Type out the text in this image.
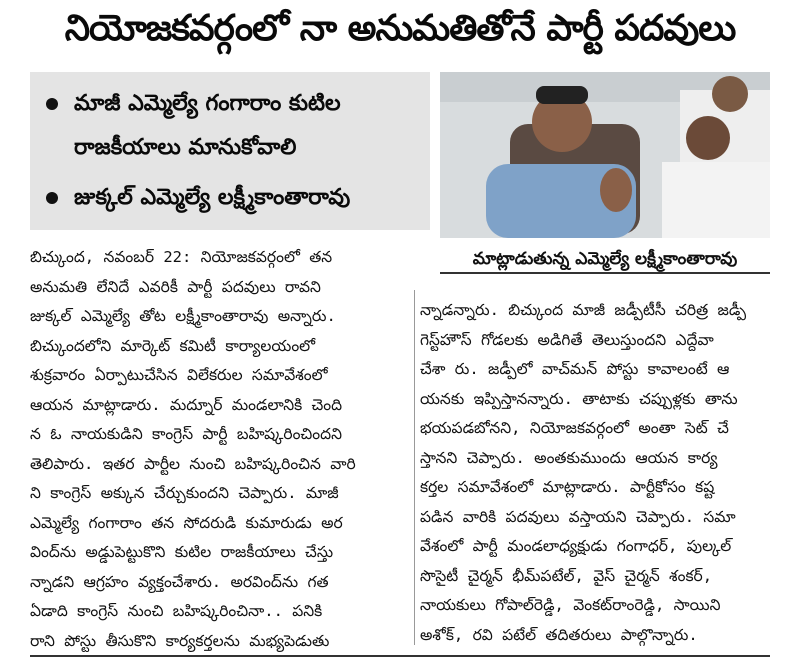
నియోజకవర్గంలో నా అనుమతితోనే పార్టీ పదవులు
మాజీ ఎమ్మెల్యే గంగారాం కుటిల రాజకీయాలు మానుకోవాలి
జుక్కల్ ఎమ్మెల్యే లక్ష్మీకాంతారావు
మాట్లాడుతున్న ఎమ్మెల్యే లక్ష్మీకాంతారావు

బిచ్కుంద, నవంబర్ 22: నియోజకవర్గంలో తన

అనుమతి లేనిదే ఎవరికీ పార్టీ పదవులు రావని

జుక్కల్ ఎమ్మెల్యే తోట లక్ష్మీకాంతారావు అన్నారు.

బిచ్కుందలోని మార్కెట్ కమిటీ కార్యాలయంలో

శుక్రవారం ఏర్పాటుచేసిన విలేకరుల సమావేశంలో

ఆయన మాట్లాడారు. మద్నూర్ మండలానికి చెంది

న ఓ నాయకుడిని కాంగ్రెస్ పార్టీ బహిష్కరించిందని

తెలిపారు. ఇతర పార్టీల నుంచి బహిష్కరించిన వారి

ని కాంగ్రెస్ అక్కున చేర్చుకుందని చెప్పారు. మాజీ

ఎమ్మెల్యే గంగారాం తన సోదరుడి కుమారుడు అర

వింద్‌ను అడ్డుపెట్టుకొని కుటిల రాజకీయాలు చేస్తు

న్నాడని ఆగ్రహం వ్యక్తంచేశారు. అరవింద్‌ను గత

ఏడాది కాంగ్రెస్ నుంచి బహిష్కరించినా.. పనికి

రాని పోస్టు తీసుకొని కార్యకర్తలను మభ్యపెడుతు

న్నాడన్నారు. బిచ్కుంద మాజీ జడ్పీటీసీ చరిత్ర జడ్పీ

గెస్ట్‌హౌస్ గోడలకు అడిగితే తెలుస్తుందని ఎద్దేవా

చేశా రు. జడ్పీలో వాచ్‌మన్ పోస్టు కావాలంటే ఆ

యనకు ఇప్పిస్తానన్నారు. తాటాకు చప్పుళ్లకు తాను

భయపడబోనని, నియోజకవర్గంలో అంతా సెట్ చే

స్తానని చెప్పారు. అంతకుముందు ఆయన కార్య

కర్తల సమావేశంలో మాట్లాడారు. పార్టీకోసం కష్ట

పడిన వారికి పదవులు వస్తాయని చెప్పారు. సమా

వేశంలో పార్టీ మండలాధ్యక్షుడు గంగాధర్, పుల్కల్

సొసైటీ చైర్మన్ భీమ్‌పటేల్, వైస్ చైర్మన్ శంకర్,

నాయకులు గోపాల్‌రెడ్డి, వెంకట్‌రాంరెడ్డి, సాయిని

అశోక్, రవి పటేల్ తదితరులు పాల్గొన్నారు.
